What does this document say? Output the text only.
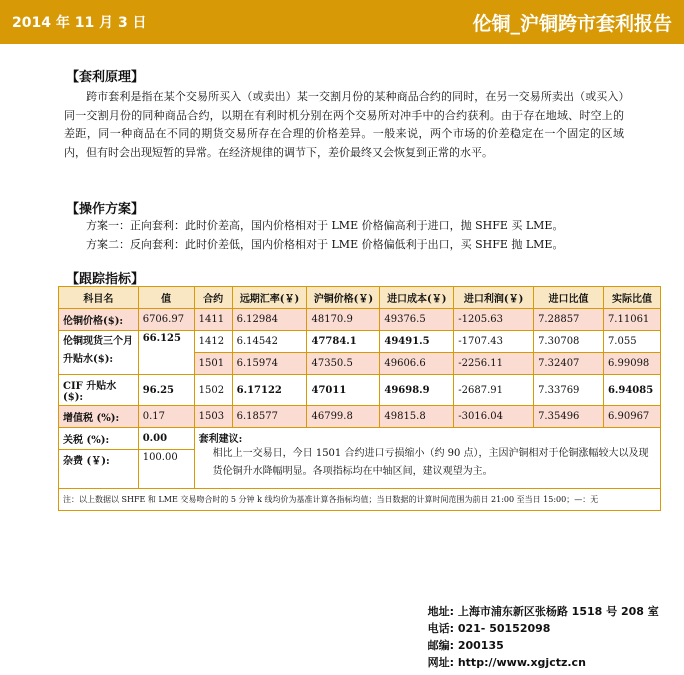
2014 年 11 月 3 日	伦铜_沪铜跨市套利报告
【套利原理】
跨市套利是指在某个交易所买入（或卖出）某一交割月份的某种商品合约的同时，在另一交易所卖出（或买入）同一交割月份的同种商品合约，以期在有利时机分别在两个交易所对冲手中的合约获利。由于存在地域、时空上的差距，同一种商品在不同的期货交易所存在合理的价格差异。一般来说，两个市场的价差稳定在一个固定的区域内，但有时会出现短暂的异常。在经济规律的调节下，差价最终又会恢复到正常的水平。
【操作方案】
方案一：正向套利：此时价差高，国内价格相对于 LME 价格偏高利于进口，抛 SHFE 买 LME。
方案二：反向套利：此时价差低，国内价格相对于 LME 价格偏低利于出口，买 SHFE 抛 LME。
【跟踪指标】
科目名	值	合约	远期汇率(￥)	沪铜价格(￥)	进口成本(￥)	进口利润(￥)	进口比值	实际比值
伦铜价格($):	6706.97	1411	6.12984	48170.9	49376.5	-1205.63	7.28857	7.11061
伦铜现货三个月升贴水($):	66.125	1412	6.14542	47784.1	49491.5	-1707.43	7.30708	7.055
		1501	6.15974	47350.5	49606.6	-2256.11	7.32407	6.99098
CIF 升贴水($):	96.25	1502	6.17122	47011	49698.9	-2687.91	7.33769	6.94085
增值税 (%):	0.17	1503	6.18577	46799.8	49815.8	-3016.04	7.35496	6.90967
关税 (%):	0.00	套利建议:
相比上一交易日，今日 1501 合约进口亏损缩小（约 90 点），主因沪铜相对于伦铜涨幅较大以及现货伦铜升水降幅明显。各项指标均在中轴区间，建议观望为主。						

杂费 (￥):	100.00							
注：以上数据以 SHFE 和 LME 交易吻合时的 5 分钟 k 线均价为基准计算各指标均值；当日数据的计算时间范围为前日 21:00 至当日 15:00；—：无								
地址: 上海市浦东新区张杨路 1518 号 208 室
电话: 021- 50152098
邮编: 200135
网址: http://www.xgjctz.cn
